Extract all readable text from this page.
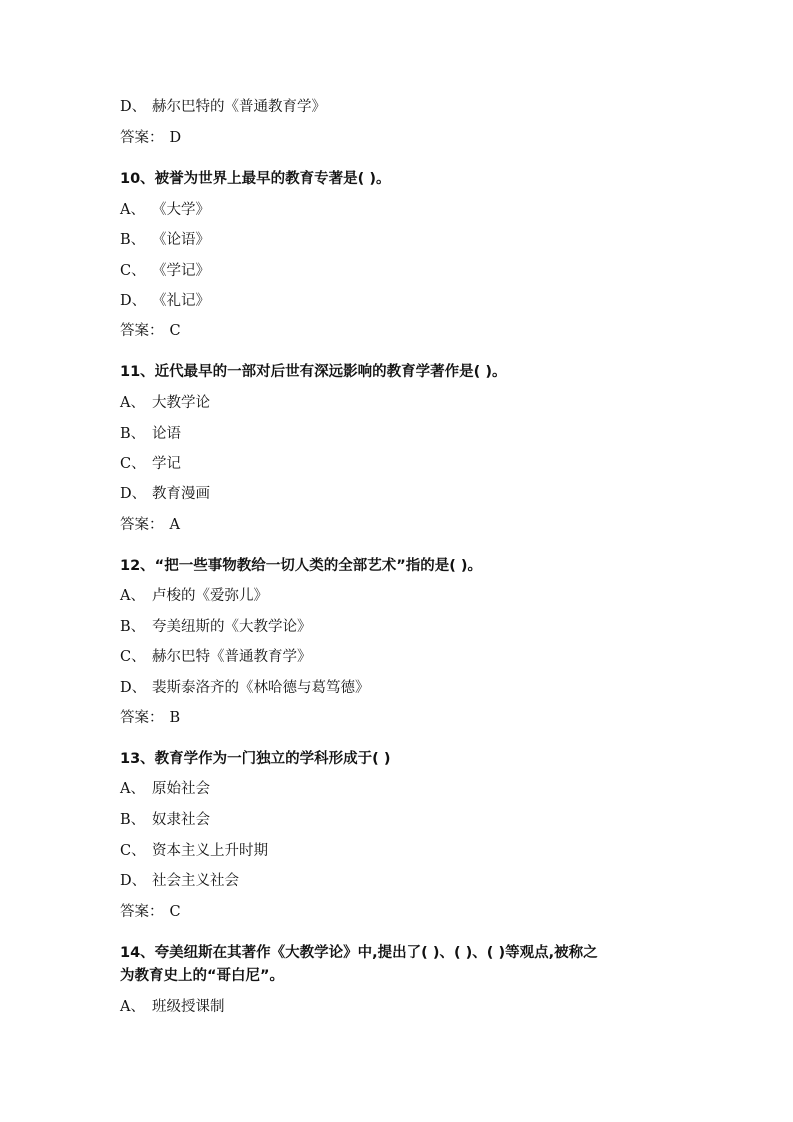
D、 赫尔巴特的《普通教育学》
答案： D
10、被誉为世界上最早的教育专著是( )。
A、 《大学》
B、 《论语》
C、 《学记》
D、 《礼记》
答案： C
11、近代最早的一部对后世有深远影响的教育学著作是( )。
A、 大教学论
B、 论语
C、 学记
D、 教育漫画
答案： A
12、“把一些事物教给一切人类的全部艺术”指的是( )。
A、 卢梭的《爱弥儿》
B、 夸美纽斯的《大教学论》
C、 赫尔巴特《普通教育学》
D、 裴斯泰洛齐的《林哈德与葛笃德》
答案： B
13、教育学作为一门独立的学科形成于( )
A、 原始社会
B、 奴隶社会
C、 资本主义上升时期
D、 社会主义社会
答案： C
14、夸美纽斯在其著作《大教学论》中,提出了( )、( )、( )等观点,被称之
为教育史上的“哥白尼”。
A、 班级授课制
